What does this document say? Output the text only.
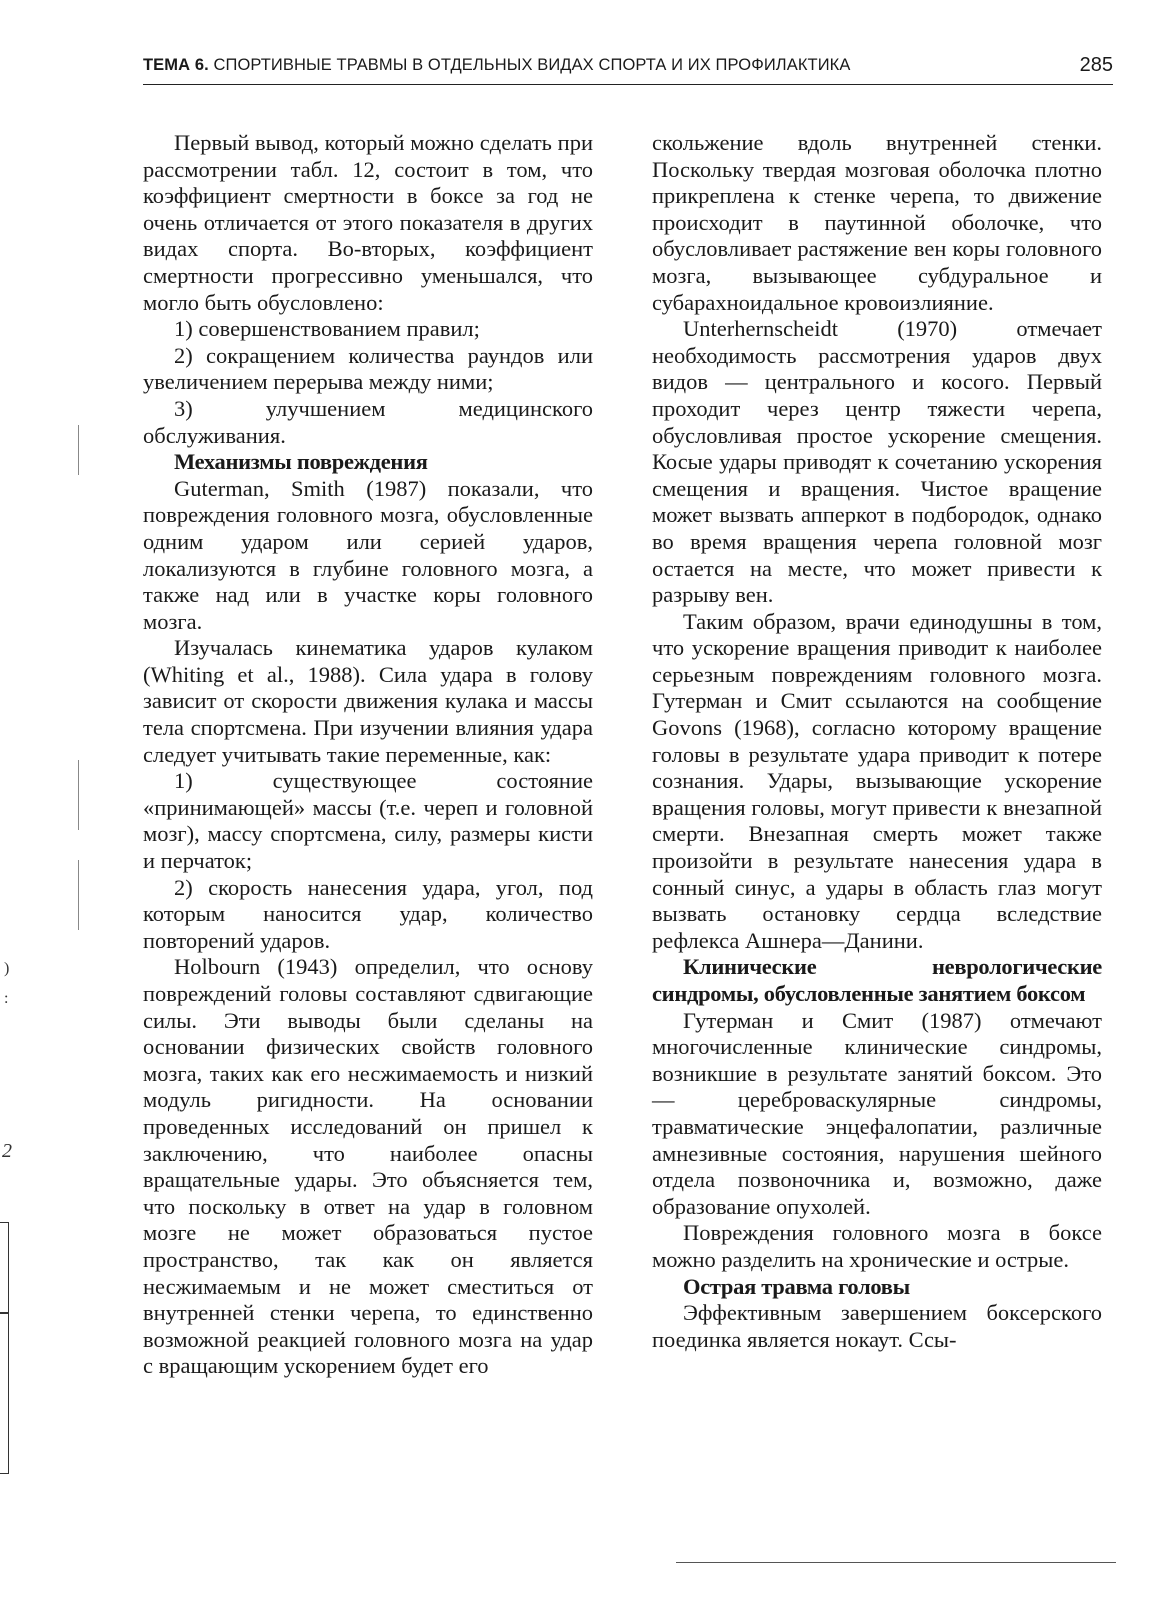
ТЕМА 6. СПОРТИВНЫЕ ТРАВМЫ В ОТДЕЛЬНЫХ ВИДАХ СПОРТА И ИХ ПРОФИЛАКТИКА	285

Первый вывод, который можно сделать при рассмотрении табл. 12, состоит в том, что коэффициент смертности в боксе за год не очень отличается от этого показателя в других видах спорта. Во-вторых, коэффициент смертности прогрессивно уменьшался, что могло быть обусловлено:

1) совершенствованием правил;

2) сокращением количества раундов или увеличением перерыва между ними;

3) улучшением медицинского обслуживания.

Механизмы повреждения

Guterman, Smith (1987) показали, что повреждения головного мозга, обусловленные одним ударом или серией ударов, локализуются в глубине головного мозга, а также над или в участке коры головного мозга.

Изучалась кинематика ударов кулаком (Whiting et al., 1988). Сила удара в голову зависит от скорости движения кулака и массы тела спортсмена. При изучении влияния удара следует учитывать такие переменные, как:

1) существующее состояние «принимающей» массы (т.е. череп и головной мозг), массу спортсмена, силу, размеры кисти и перчаток;

2) скорость нанесения удара, угол, под которым наносится удар, количество повторений ударов.

Holbourn (1943) определил, что основу повреждений головы составляют сдвигающие силы. Эти выводы были сделаны на основании физических свойств головного мозга, таких как его несжимаемость и низкий модуль ригидности. На основании проведенных исследований он пришел к заключению, что наиболее опасны вращательные удары. Это объясняется тем, что поскольку в ответ на удар в головном мозге не может образоваться пустое пространство, так как он является несжимаемым и не может сместиться от внутренней стенки черепа, то единственно возможной реакцией головного мозга на удар с вращающим ускорением будет его

скольжение вдоль внутренней стенки. Поскольку твердая мозговая оболочка плотно прикреплена к стенке черепа, то движение происходит в паутинной оболочке, что обусловливает растяжение вен коры головного мозга, вызывающее субдуральное и субарахноидальное кровоизлияние.

Unterhernscheidt (1970) отмечает необходимость рассмотрения ударов двух видов — центрального и косого. Первый проходит через центр тяжести черепа, обусловливая простое ускорение смещения. Косые удары приводят к сочетанию ускорения смещения и вращения. Чистое вращение может вызвать апперкот в подбородок, однако во время вращения черепа головной мозг остается на месте, что может привести к разрыву вен.

Таким образом, врачи единодушны в том, что ускорение вращения приводит к наиболее серьезным повреждениям головного мозга. Гутерман и Смит ссылаются на сообщение Govons (1968), согласно которому вращение головы в результате удара приводит к потере сознания. Удары, вызывающие ускорение вращения головы, могут привести к внезапной смерти. Внезапная смерть может также произойти в результате нанесения удара в сонный синус, а удары в область глаз могут вызвать остановку сердца вследствие рефлекса Ашнера—Данини.

Клинические неврологические синдромы, обусловленные занятием боксом

Гутерман и Смит (1987) отмечают многочисленные клинические синдромы, возникшие в результате занятий боксом. Это — цереброваскулярные синдромы, травматические энцефалопатии, различные амнезивные состояния, нарушения шейного отдела позвоночника и, возможно, даже образование опухолей.

Повреждения головного мозга в боксе можно разделить на хронические и острые.

Острая травма головы

Эффективным завершением боксерского поединка является нокаут. Ссы-

)
:
2
